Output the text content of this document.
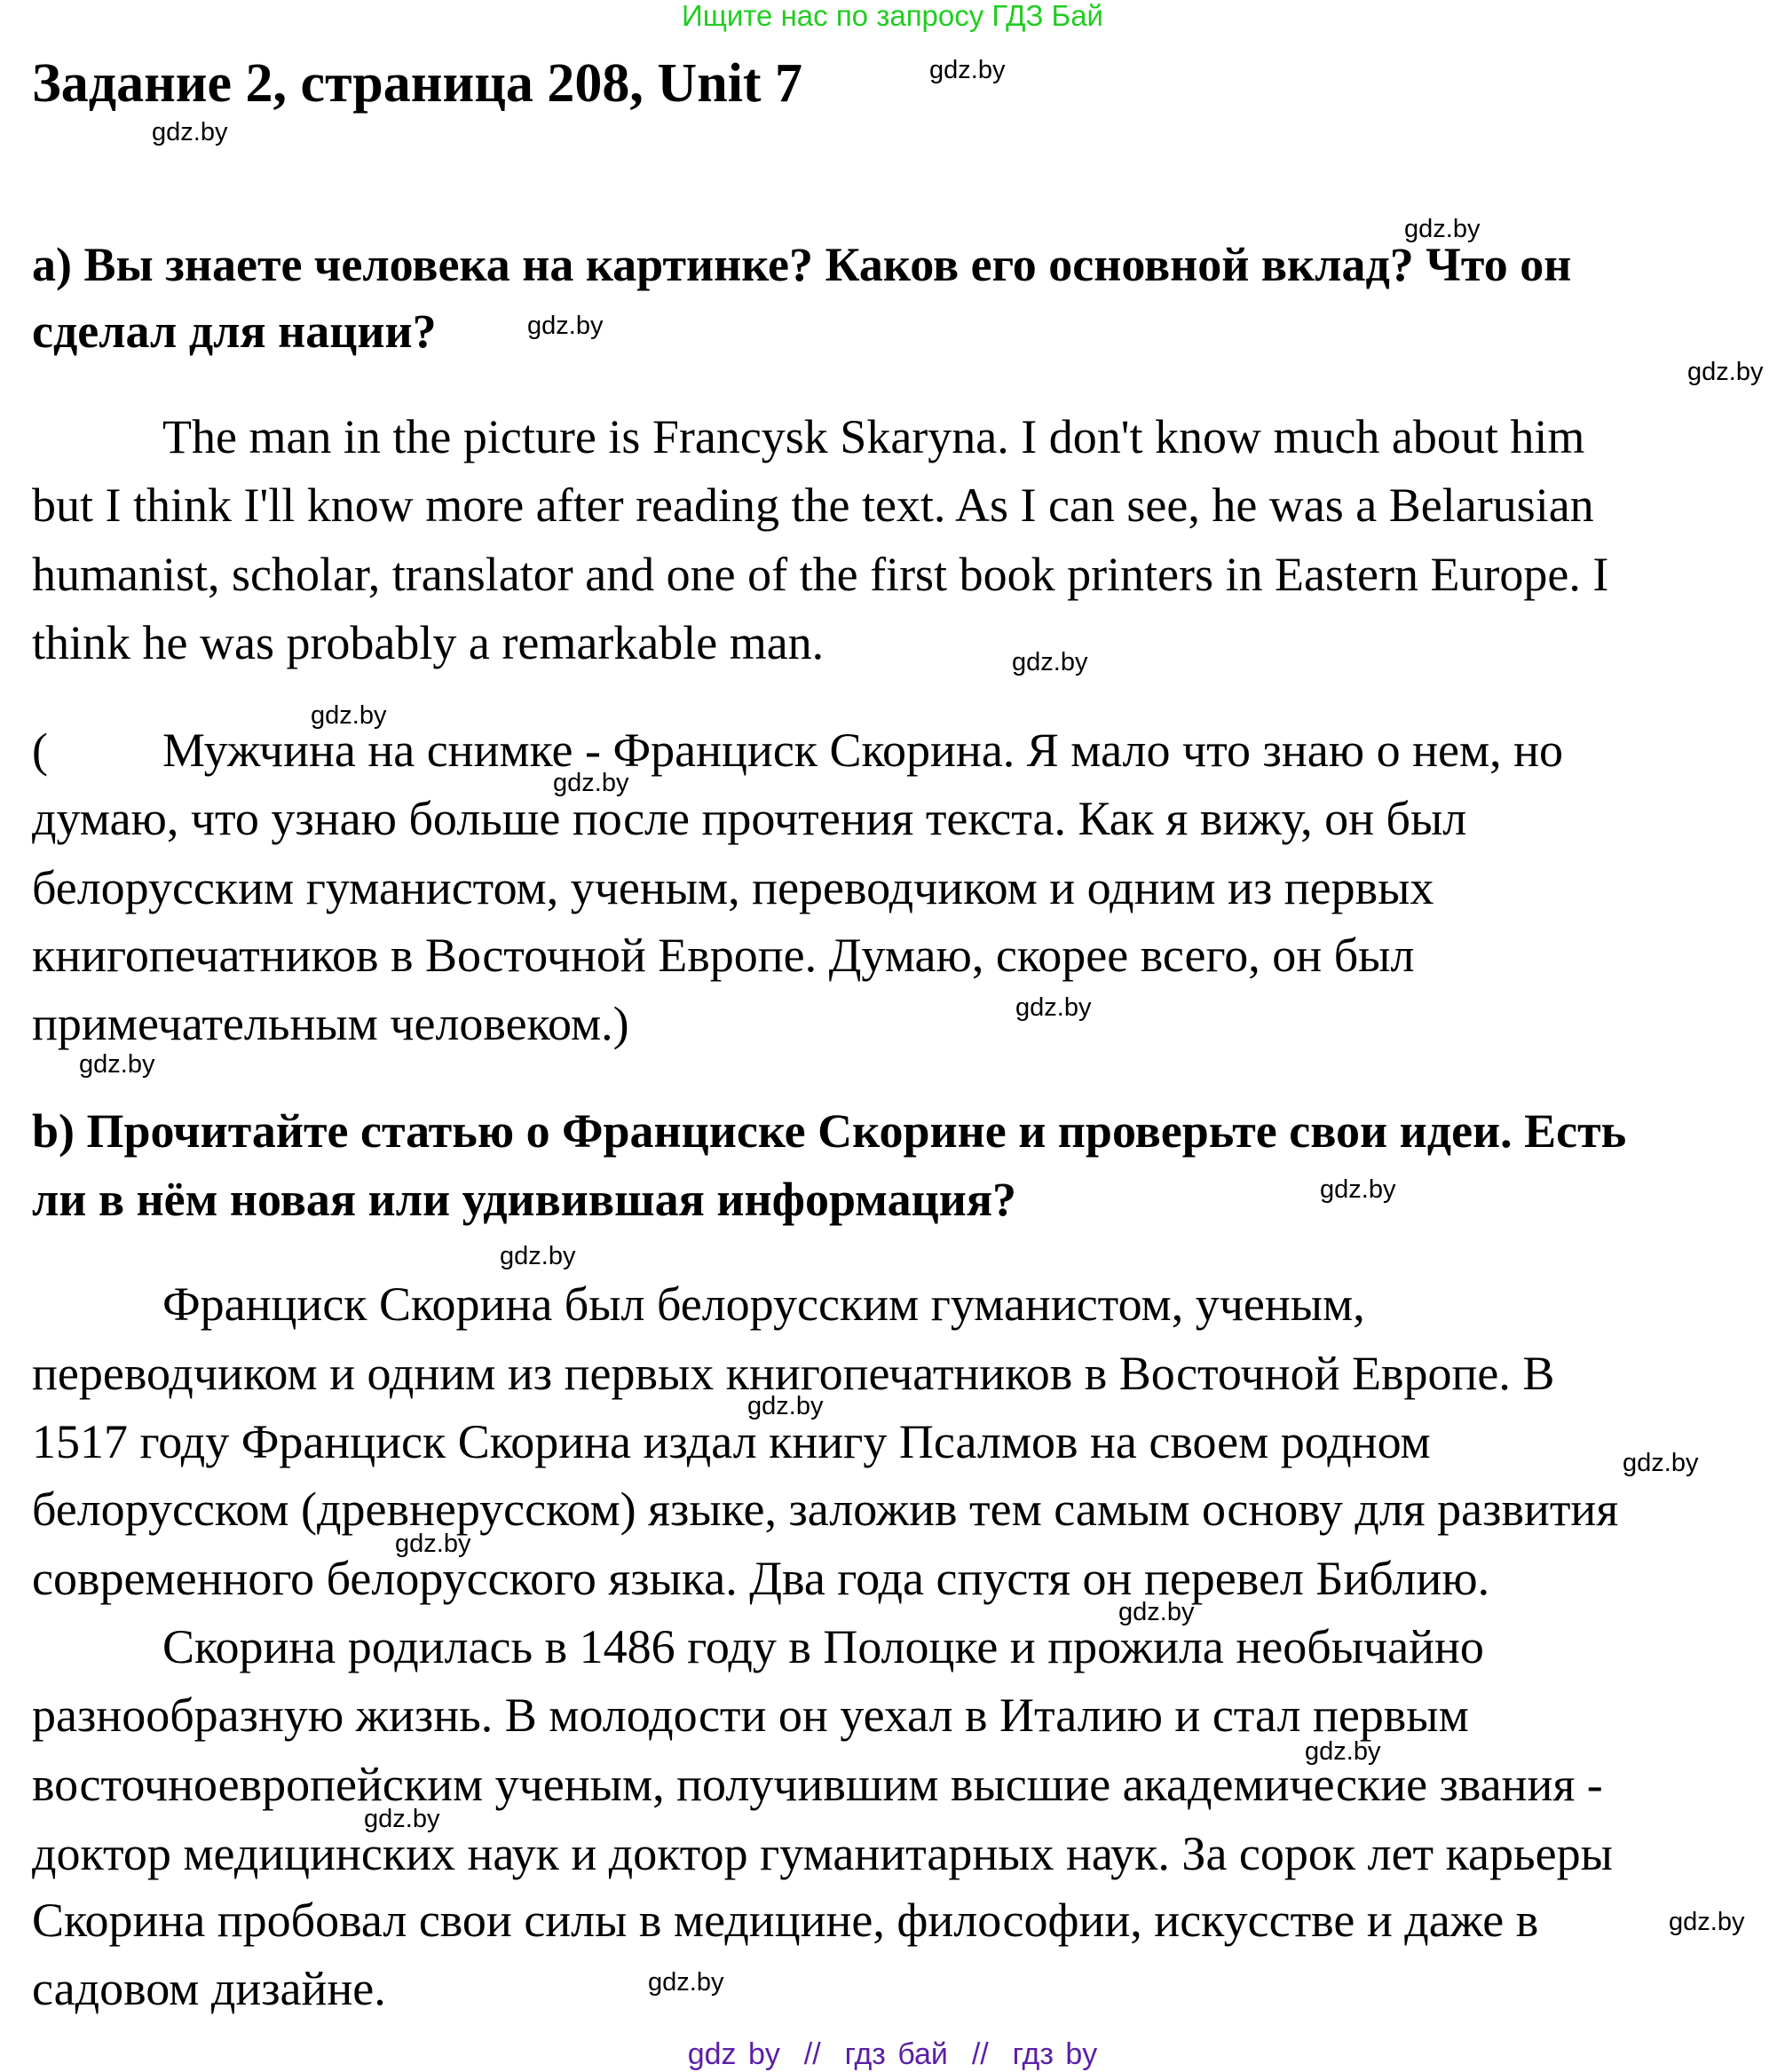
Ищите нас по запросу ГДЗ Бай
Задание 2, страница 208, Unit 7
а) Вы знаете человека на картинке? Каков его основной вклад? Что он
сделал для нации?
The man in the picture is Francysk Skaryna. I don't know much about him
but I think I'll know more after reading the text. As I can see, he was a Belarusian
humanist, scholar, translator and one of the first book printers in Eastern Europe. I
think he was probably a remarkable man.
( Мужчина на снимке - Франциск Скорина. Я мало что знаю о нем, но
думаю, что узнаю больше после прочтения текста. Как я вижу, он был
белорусским гуманистом, ученым, переводчиком и одним из первых
книгопечатников в Восточной Европе. Думаю, скорее всего, он был
примечательным человеком.)
b) Прочитайте статью о Франциске Скорине и проверьте свои идеи. Есть
ли в нём новая или удивившая информация?
Франциск Скорина был белорусским гуманистом, ученым,
переводчиком и одним из первых книгопечатников в Восточной Европе. В
1517 году Франциск Скорина издал книгу Псалмов на своем родном
белорусском (древнерусском) языке, заложив тем самым основу для развития
современного белорусского языка. Два года спустя он перевел Библию.
Скорина родилась в 1486 году в Полоцке и прожила необычайно
разнообразную жизнь. В молодости он уехал в Италию и стал первым
восточноевропейским ученым, получившим высшие академические звания -
доктор медицинских наук и доктор гуманитарных наук. За сорок лет карьеры
Скорина пробовал свои силы в медицине, философии, искусстве и даже в
садовом дизайне.
gdz.by
gdz.by
gdz.by
gdz.by
gdz.by
gdz.by
gdz.by
gdz.by
gdz.by
gdz.by
gdz.by
gdz.by
gdz.by
gdz.by
gdz.by
gdz.by
gdz.by
gdz.by
gdz.by
gdz.by
gdz by  //  гдз бай  //  гдз by
